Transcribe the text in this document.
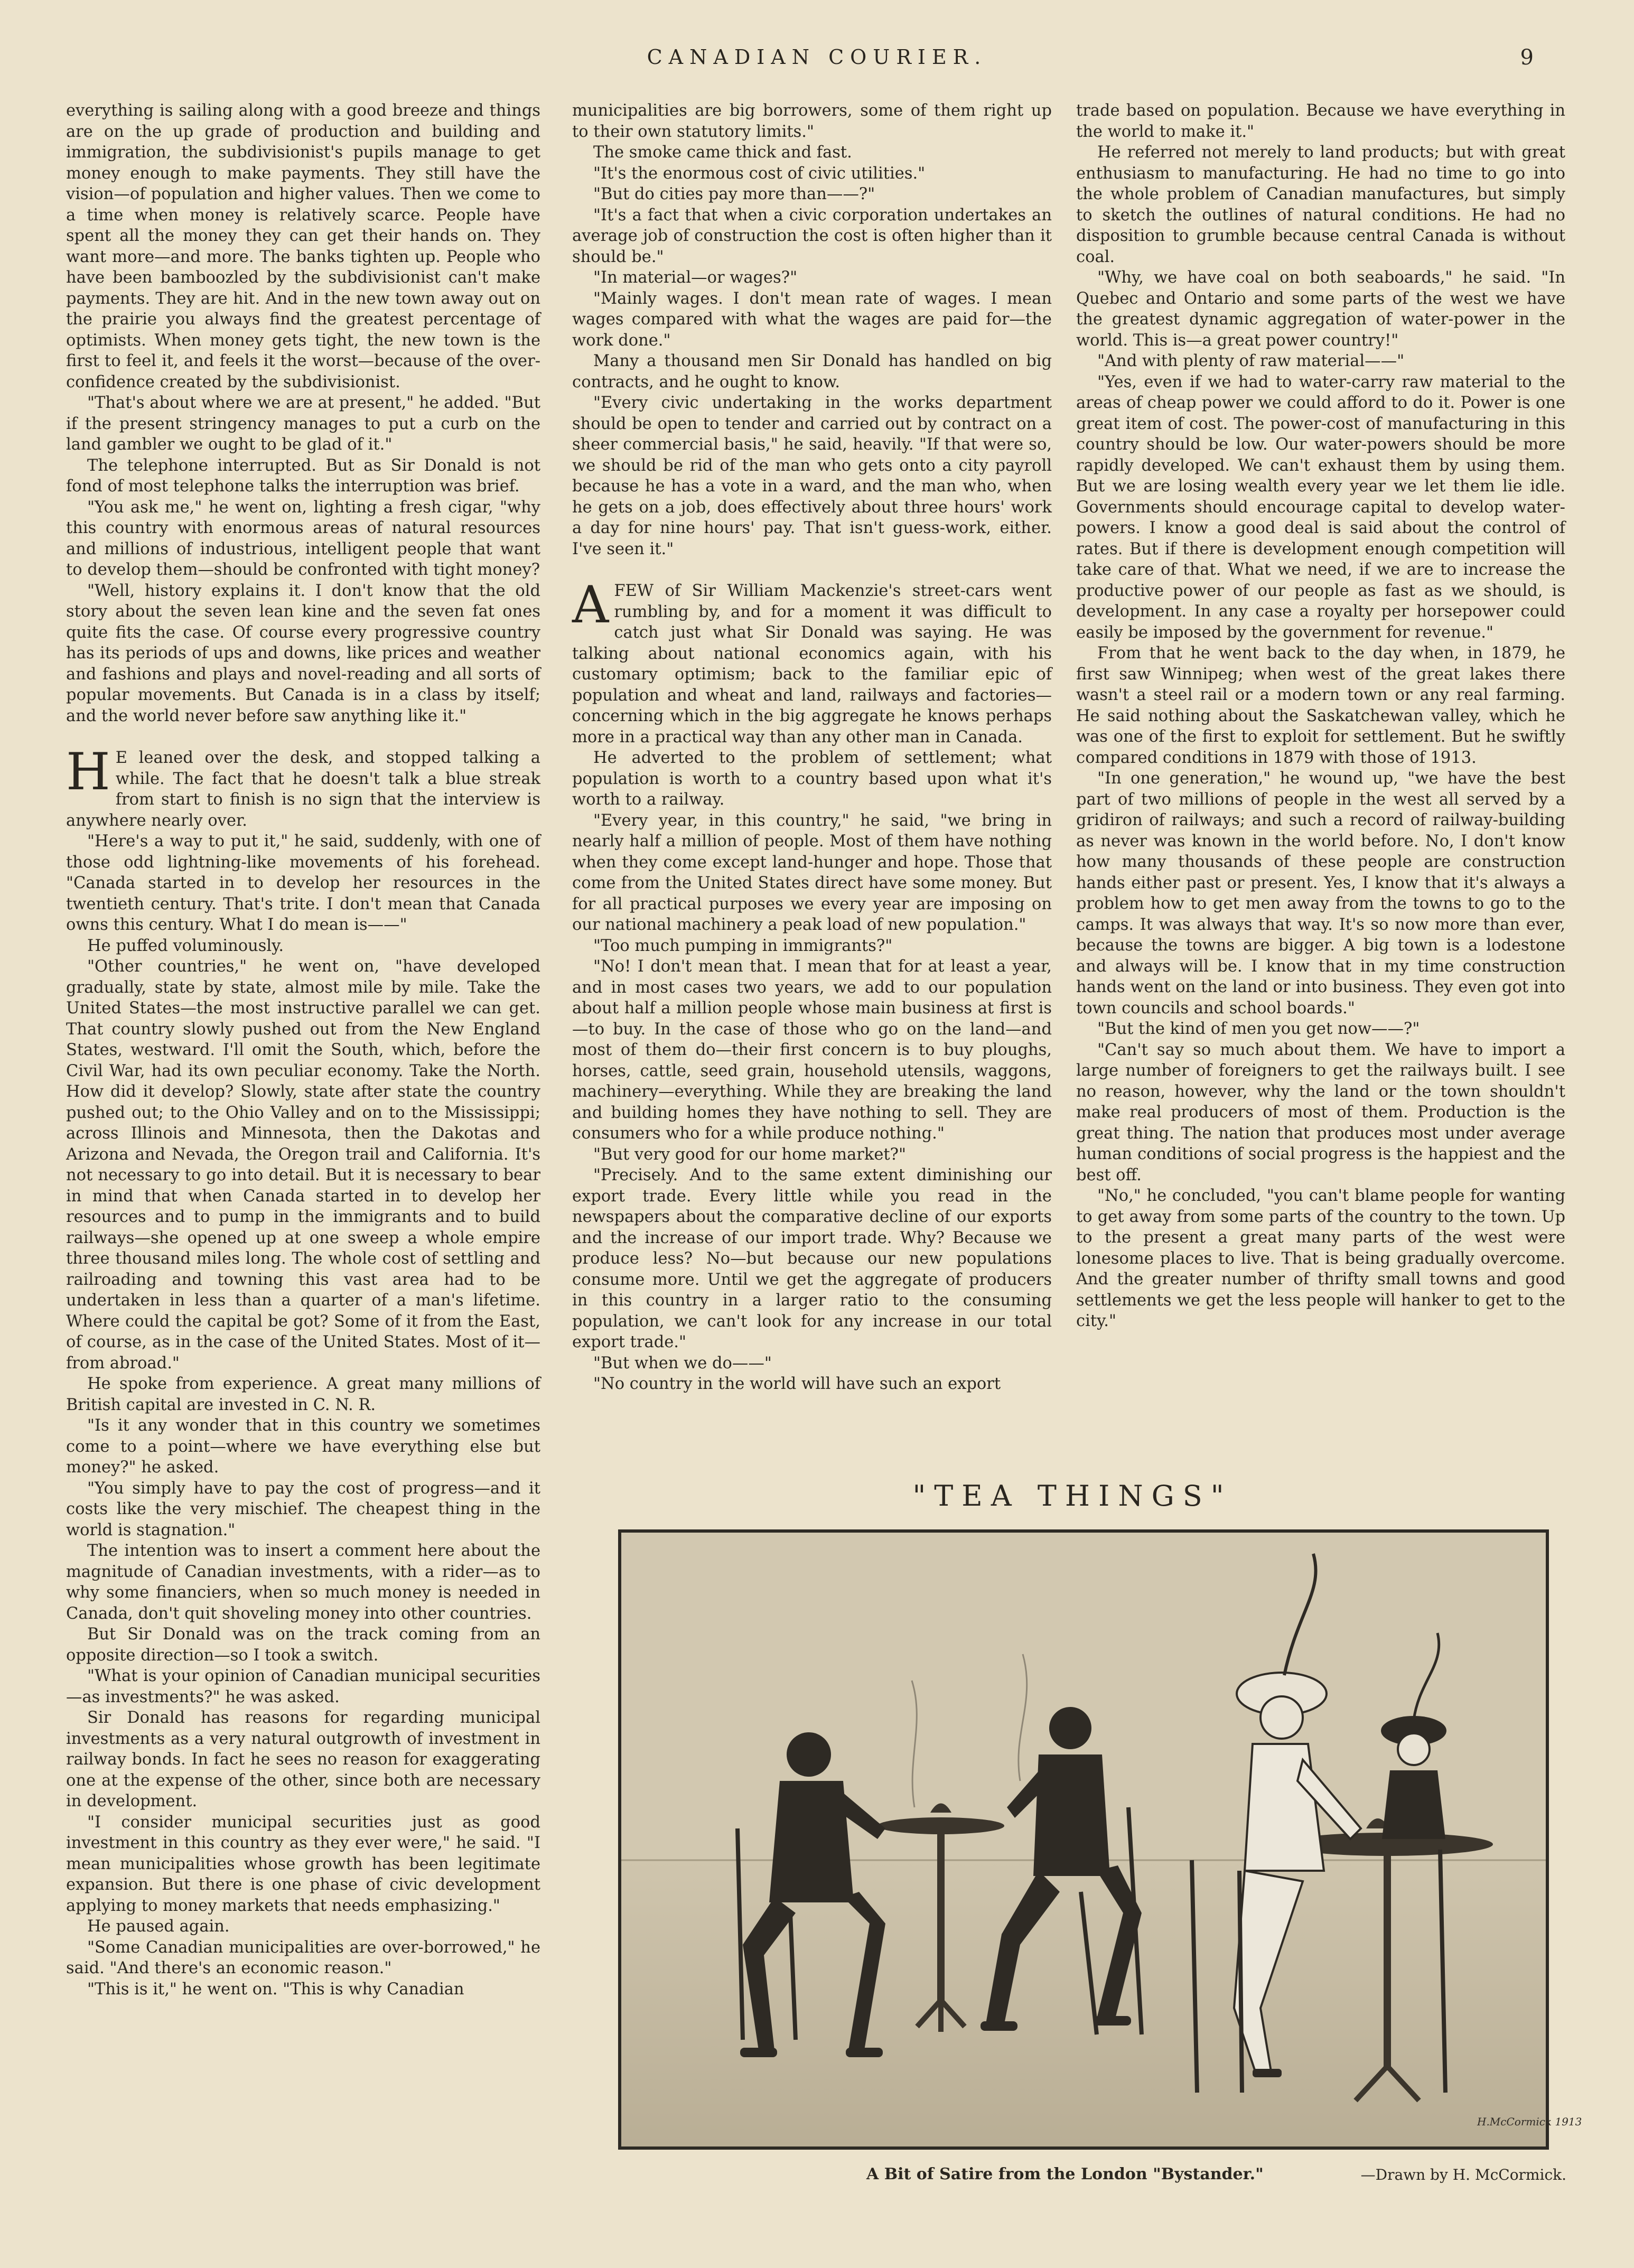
CANADIAN COURIER.	9

everything is sailing along with a good breeze and things are on the up grade of production and building and immigration, the subdivisionist's pupils manage to get money enough to make payments. They still have the vision—of population and higher values. Then we come to a time when money is relatively scarce. People have spent all the money they can get their hands on. They want more—and more. The banks tighten up. People who have been bamboozled by the subdivisionist can't make payments. They are hit. And in the new town away out on the prairie you always find the greatest percentage of optimists. When money gets tight, the new town is the first to feel it, and feels it the worst—because of the over-confidence created by the subdivisionist.

"That's about where we are at present," he added. "But if the present stringency manages to put a curb on the land gambler we ought to be glad of it."

The telephone interrupted. But as Sir Donald is not fond of most telephone talks the interruption was brief.

"You ask me," he went on, lighting a fresh cigar, "why this country with enormous areas of natural resources and millions of industrious, intelligent people that want to develop them—should be confronted with tight money?

"Well, history explains it. I don't know that the old story about the seven lean kine and the seven fat ones quite fits the case. Of course every progressive country has its periods of ups and downs, like prices and weather and fashions and plays and novel-reading and all sorts of popular movements. But Canada is in a class by itself; and the world never before saw anything like it."

H E leaned over the desk, and stopped talking a while. The fact that he doesn't talk a blue streak from start to finish is no sign that the interview is anywhere nearly over.

"Here's a way to put it," he said, suddenly, with one of those odd lightning-like movements of his forehead. "Canada started in to develop her resources in the twentieth century. That's trite. I don't mean that Canada owns this century. What I do mean is——"

He puffed voluminously.

"Other countries," he went on, "have developed gradually, state by state, almost mile by mile. Take the United States—the most instructive parallel we can get. That country slowly pushed out from the New England States, westward. I'll omit the South, which, before the Civil War, had its own peculiar economy. Take the North. How did it develop? Slowly, state after state the country pushed out; to the Ohio Valley and on to the Mississippi; across Illinois and Minnesota, then the Dakotas and Arizona and Nevada, the Oregon trail and California. It's not necessary to go into detail. But it is necessary to bear in mind that when Canada started in to develop her resources and to pump in the immigrants and to build railways—she opened up at one sweep a whole empire three thousand miles long. The whole cost of settling and railroading and towning this vast area had to be undertaken in less than a quarter of a man's lifetime. Where could the capital be got? Some of it from the East, of course, as in the case of the United States. Most of it—from abroad."

He spoke from experience. A great many millions of British capital are invested in C. N. R.

"Is it any wonder that in this country we sometimes come to a point—where we have everything else but money?" he asked.

"You simply have to pay the cost of progress—and it costs like the very mischief. The cheapest thing in the world is stagnation."

The intention was to insert a comment here about the magnitude of Canadian investments, with a rider—as to why some financiers, when so much money is needed in Canada, don't quit shoveling money into other countries.

But Sir Donald was on the track coming from an opposite direction—so I took a switch.

"What is your opinion of Canadian municipal securities—as investments?" he was asked.

Sir Donald has reasons for regarding municipal investments as a very natural outgrowth of investment in railway bonds. In fact he sees no reason for exaggerating one at the expense of the other, since both are necessary in development.

"I consider municipal securities just as good investment in this country as they ever were," he said. "I mean municipalities whose growth has been legitimate expansion. But there is one phase of civic development applying to money markets that needs emphasizing."

He paused again.

"Some Canadian municipalities are over-borrowed," he said. "And there's an economic reason."

"This is it," he went on. "This is why Canadian

municipalities are big borrowers, some of them right up to their own statutory limits."

The smoke came thick and fast.

"It's the enormous cost of civic utilities."

"But do cities pay more than——?"

"It's a fact that when a civic corporation undertakes an average job of construction the cost is often higher than it should be."

"In material—or wages?"

"Mainly wages. I don't mean rate of wages. I mean wages compared with what the wages are paid for—the work done."

Many a thousand men Sir Donald has handled on big contracts, and he ought to know.

"Every civic undertaking in the works department should be open to tender and carried out by contract on a sheer commercial basis," he said, heavily. "If that were so, we should be rid of the man who gets onto a city payroll because he has a vote in a ward, and the man who, when he gets on a job, does effectively about three hours' work a day for nine hours' pay. That isn't guess-work, either. I've seen it."

AFEW of Sir William Mackenzie's street-cars went rumbling by, and for a moment it was difficult to catch just what Sir Donald was saying. He was talking about national economics again, with his customary optimism; back to the familiar epic of population and wheat and land, railways and factories—concerning which in the big aggregate he knows perhaps more in a practical way than any other man in Canada.

He adverted to the problem of settlement; what population is worth to a country based upon what it's worth to a railway.

"Every year, in this country," he said, "we bring in nearly half a million of people. Most of them have nothing when they come except land-hunger and hope. Those that come from the United States direct have some money. But for all practical purposes we every year are imposing on our national machinery a peak load of new population."

"Too much pumping in immigrants?"

"No! I don't mean that. I mean that for at least a year, and in most cases two years, we add to our population about half a million people whose main business at first is—to buy. In the case of those who go on the land—and most of them do—their first concern is to buy ploughs, horses, cattle, seed grain, household utensils, waggons, machinery—everything. While they are breaking the land and building homes they have nothing to sell. They are consumers who for a while produce nothing."

"But very good for our home market?"

"Precisely. And to the same extent diminishing our export trade. Every little while you read in the newspapers about the comparative decline of our exports and the increase of our import trade. Why? Because we produce less? No—but because our new populations consume more. Until we get the aggregate of producers in this country in a larger ratio to the consuming population, we can't look for any increase in our total export trade."

"But when we do——"

"No country in the world will have such an export

trade based on population. Because we have everything in the world to make it."

He referred not merely to land products; but with great enthusiasm to manufacturing. He had no time to go into the whole problem of Canadian manufactures, but simply to sketch the outlines of natural conditions. He had no disposition to grumble because central Canada is without coal.

"Why, we have coal on both seaboards," he said. "In Quebec and Ontario and some parts of the west we have the greatest dynamic aggregation of water-power in the world. This is—a great power country!"

"And with plenty of raw material——"

"Yes, even if we had to water-carry raw material to the areas of cheap power we could afford to do it. Power is one great item of cost. The power-cost of manufacturing in this country should be low. Our water-powers should be more rapidly developed. We can't exhaust them by using them. But we are losing wealth every year we let them lie idle. Governments should encourage capital to develop water-powers. I know a good deal is said about the control of rates. But if there is development enough competition will take care of that. What we need, if we are to increase the productive power of our people as fast as we should, is development. In any case a royalty per horsepower could easily be imposed by the government for revenue."

From that he went back to the day when, in 1879, he first saw Winnipeg; when west of the great lakes there wasn't a steel rail or a modern town or any real farming. He said nothing about the Saskatchewan valley, which he was one of the first to exploit for settlement. But he swiftly compared conditions in 1879 with those of 1913.

"In one generation," he wound up, "we have the best part of two millions of people in the west all served by a gridiron of railways; and such a record of railway-building as never was known in the world before. No, I don't know how many thousands of these people are construction hands either past or present. Yes, I know that it's always a problem how to get men away from the towns to go to the camps. It was always that way. It's so now more than ever, because the towns are bigger. A big town is a lodestone and always will be. I know that in my time construction hands went on the land or into business. They even got into town councils and school boards."

"But the kind of men you get now——?"

"Can't say so much about them. We have to import a large number of foreigners to get the railways built. I see no reason, however, why the land or the town shouldn't make real producers of most of them. Production is the great thing. The nation that produces most under average human conditions of social progress is the happiest and the best off.

"No," he concluded, "you can't blame people for wanting to get away from some parts of the country to the town. Up to the present a great many parts of the west were lonesome places to live. That is being gradually overcome. And the greater number of thrifty small towns and good settlements we get the less people will hanker to get to the city."

"TEA THINGS"
H.McCormick 1913
A Bit of Satire from the London "Bystander."	—Drawn by H. McCormick.
